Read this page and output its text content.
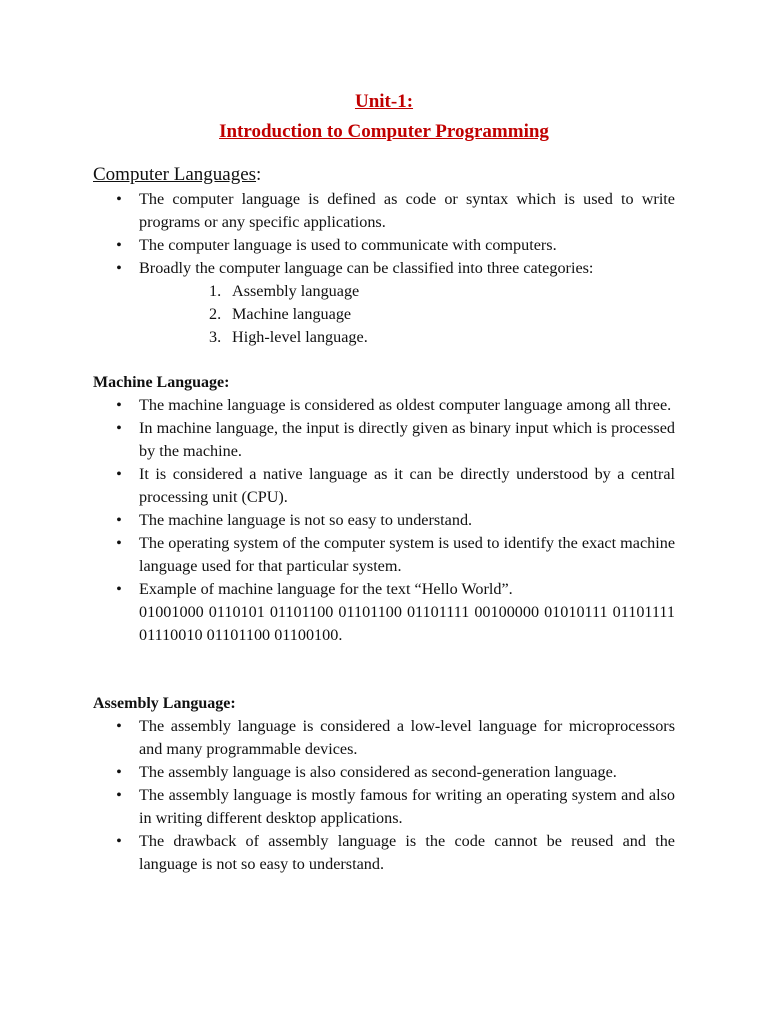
Unit-1:
Introduction to Computer Programming
Computer Languages:
• The computer language is defined as code or syntax which is used to write programs or any specific applications.
• The computer language is used to communicate with computers.
• Broadly the computer language can be classified into three categories:
1. Assembly language
2. Machine language
3. High-level language.
Machine Language:
• The machine language is considered as oldest computer language among all three.
• In machine language, the input is directly given as binary input which is processed by the machine.
• It is considered a native language as it can be directly understood by a central processing unit (CPU).
• The machine language is not so easy to understand.
• The operating system of the computer system is used to identify the exact machine language used for that particular system.
• Example of machine language for the text “Hello World”.
01001000 0110101 01101100 01101100 01101111 00100000 01010111 01101111 01110010 01101100 01100100.
Assembly Language:
• The assembly language is considered a low-level language for microprocessors and many programmable devices.
• The assembly language is also considered as second-generation language.
• The assembly language is mostly famous for writing an operating system and also in writing different desktop applications.
• The drawback of assembly language is the code cannot be reused and the language is not so easy to understand.
